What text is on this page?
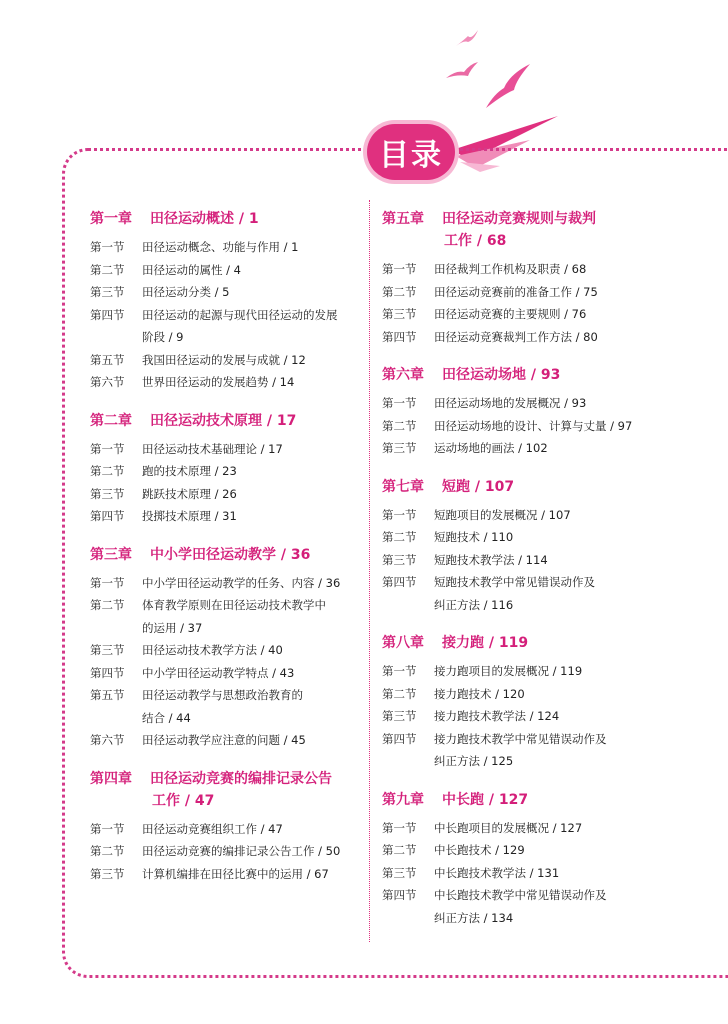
目录
第一章 田径运动概述 / 1
第一节	田径运动概念、功能与作用 / 1
第二节	田径运动的属性 / 4
第三节	田径运动分类 / 5
第四节	田径运动的起源与现代田径运动的发展
阶段 / 9
第五节	我国田径运动的发展与成就 / 12
第六节	世界田径运动的发展趋势 / 14
第二章 田径运动技术原理 / 17
第一节	田径运动技术基础理论 / 17
第二节	跑的技术原理 / 23
第三节	跳跃技术原理 / 26
第四节	投掷技术原理 / 31
第三章 中小学田径运动教学 / 36
第一节	中小学田径运动教学的任务、内容 / 36
第二节	体育教学原则在田径运动技术教学中
的运用 / 37
第三节	田径运动技术教学方法 / 40
第四节	中小学田径运动教学特点 / 43
第五节	田径运动教学与思想政治教育的
结合 / 44
第六节	田径运动教学应注意的问题 / 45
第四章 田径运动竞赛的编排记录公告
工作 / 47
第一节	田径运动竞赛组织工作 / 47
第二节	田径运动竞赛的编排记录公告工作 / 50
第三节	计算机编排在田径比赛中的运用 / 67
第五章 田径运动竞赛规则与裁判
工作 / 68
第一节	田径裁判工作机构及职责 / 68
第二节	田径运动竞赛前的准备工作 / 75
第三节	田径运动竞赛的主要规则 / 76
第四节	田径运动竞赛裁判工作方法 / 80
第六章 田径运动场地 / 93
第一节	田径运动场地的发展概况 / 93
第二节	田径运动场地的设计、计算与丈量 / 97
第三节	运动场地的画法 / 102
第七章 短跑 / 107
第一节	短跑项目的发展概况 / 107
第二节	短跑技术 / 110
第三节	短跑技术教学法 / 114
第四节	短跑技术教学中常见错误动作及
纠正方法 / 116
第八章 接力跑 / 119
第一节	接力跑项目的发展概况 / 119
第二节	接力跑技术 / 120
第三节	接力跑技术教学法 / 124
第四节	接力跑技术教学中常见错误动作及
纠正方法 / 125
第九章 中长跑 / 127
第一节	中长跑项目的发展概况 / 127
第二节	中长跑技术 / 129
第三节	中长跑技术教学法 / 131
第四节	中长跑技术教学中常见错误动作及
纠正方法 / 134
